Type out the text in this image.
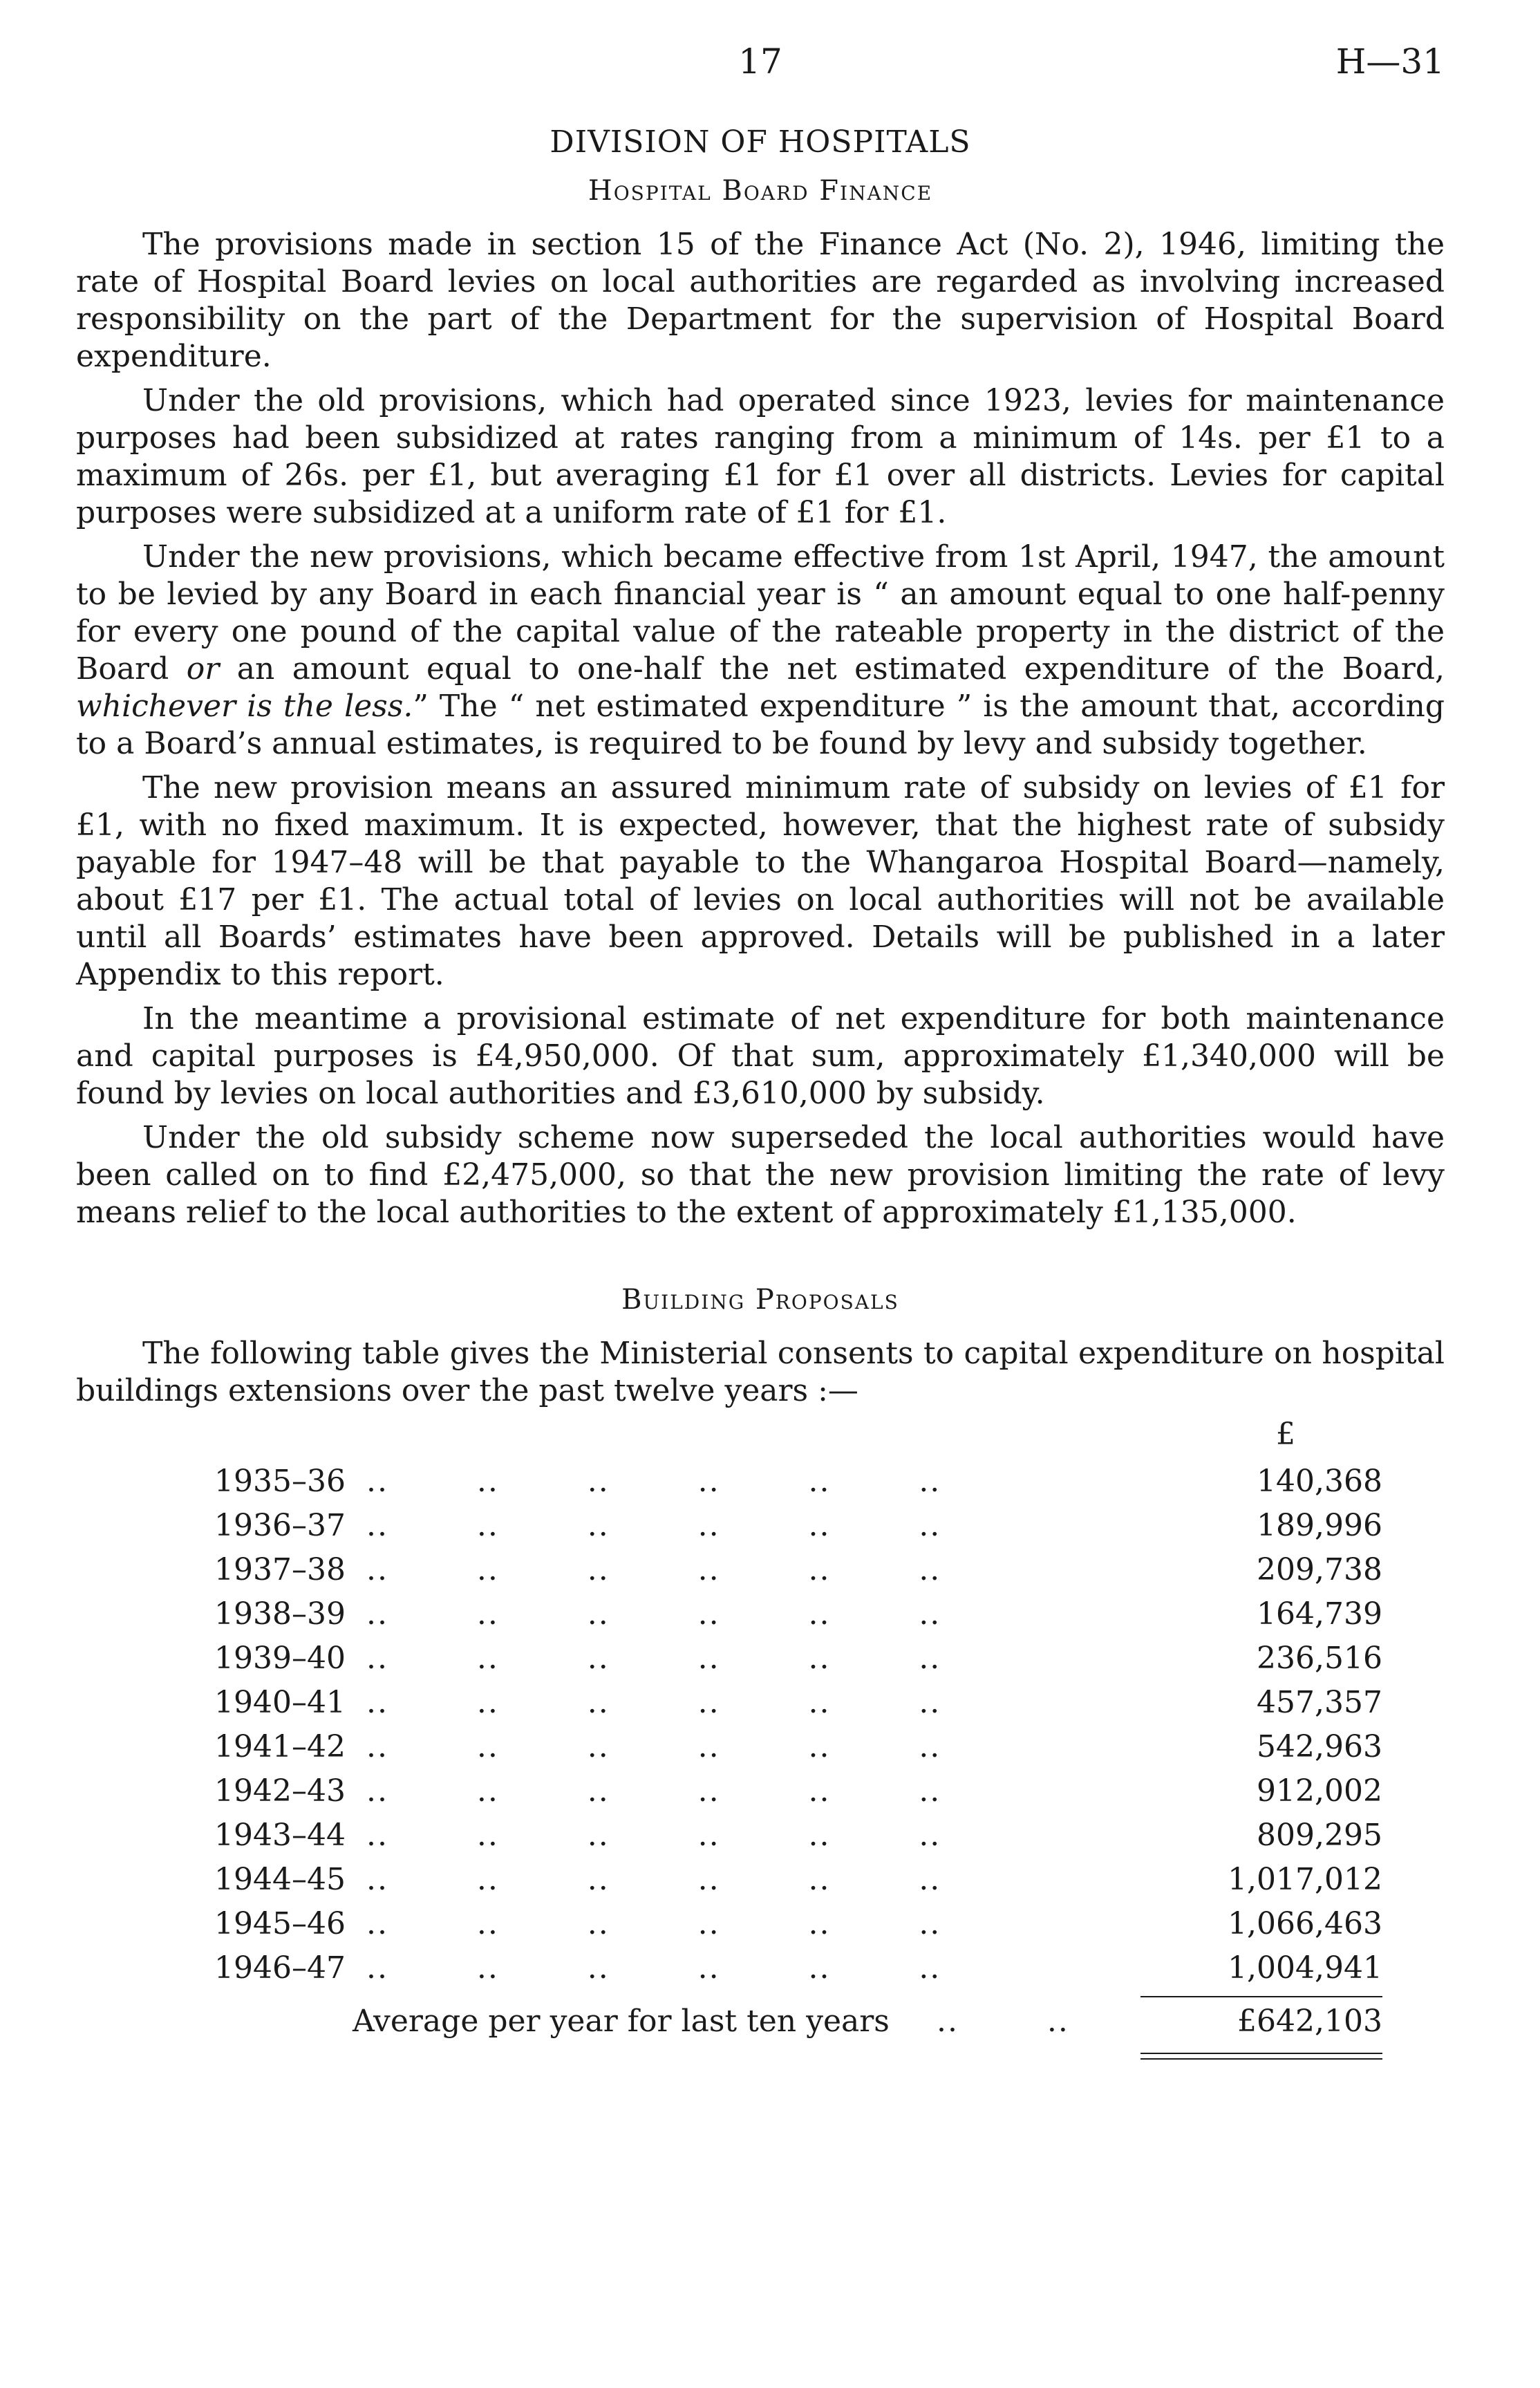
17	H—31
DIVISION OF HOSPITALS
Hospital Board Finance

The provisions made in section 15 of the Finance Act (No. 2), 1946, limiting the rate of Hospital Board levies on local authorities are regarded as involving increased responsibility on the part of the Department for the supervision of Hospital Board expenditure.

Under the old provisions, which had operated since 1923, levies for maintenance purposes had been subsidized at rates ranging from a minimum of 14s. per £1 to a maximum of 26s. per £1, but averaging £1 for £1 over all districts. Levies for capital purposes were subsidized at a uniform rate of £1 for £1.

Under the new provisions, which became effective from 1st April, 1947, the amount to be levied by any Board in each financial year is “ an amount equal to one half-penny for every one pound of the capital value of the rateable property in the district of the Board or an amount equal to one-half the net estimated expenditure of the Board, whichever is the less.” The “ net estimated expenditure ” is the amount that, according to a Board’s annual estimates, is required to be found by levy and subsidy together.

The new provision means an assured minimum rate of subsidy on levies of £1 for £1, with no fixed maximum. It is expected, however, that the highest rate of subsidy payable for 1947–48 will be that payable to the Whangaroa Hospital Board—namely, about £17 per £1. The actual total of levies on local authorities will not be available until all Boards’ estimates have been approved. Details will be published in a later Appendix to this report.

In the meantime a provisional estimate of net expenditure for both maintenance and capital purposes is £4,950,000. Of that sum, approximately £1,340,000 will be found by levies on local authorities and £3,610,000 by subsidy.

Under the old subsidy scheme now superseded the local authorities would have been called on to find £2,475,000, so that the new provision limiting the rate of levy means relief to the local authorities to the extent of approximately £1,135,000.

Building Proposals

The following table gives the Ministerial consents to capital expenditure on hospital buildings extensions over the past twelve years :—

£
1935–36 ..        ..        ..        ..        ..        ..	140,368
1936–37 ..        ..        ..        ..        ..        ..	189,996
1937–38 ..        ..        ..        ..        ..        ..	209,738
1938–39 ..        ..        ..        ..        ..        ..	164,739
1939–40 ..        ..        ..        ..        ..        ..	236,516
1940–41 ..        ..        ..        ..        ..        ..	457,357
1941–42 ..        ..        ..        ..        ..        ..	542,963
1942–43 ..        ..        ..        ..        ..        ..	912,002
1943–44 ..        ..        ..        ..        ..        ..	809,295
1944–45 ..        ..        ..        ..        ..        ..	1,017,012
1945–46 ..        ..        ..        ..        ..        ..	1,066,463
1946–47 ..        ..        ..        ..        ..        ..	1,004,941
Average per year for last ten years ..        ..	£642,103
